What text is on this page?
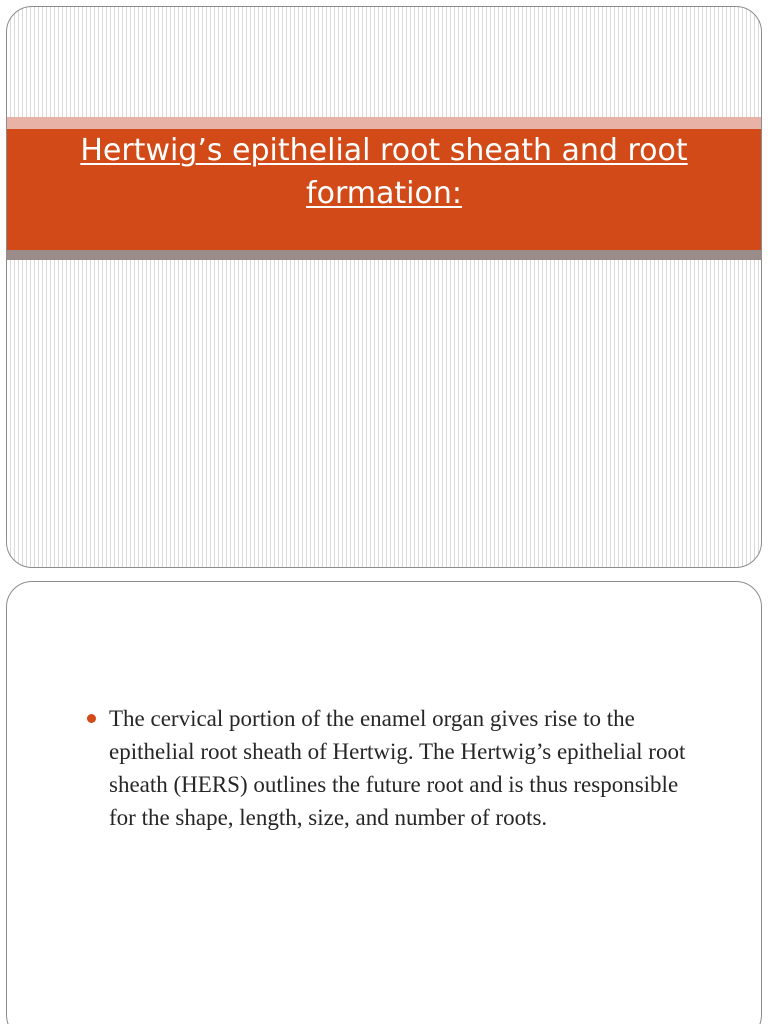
Hertwig’s epithelial root sheath and root formation:
The cervical portion of the enamel organ gives rise to the epithelial root sheath of Hertwig. The Hertwig’s epithelial root sheath (HERS) outlines the future root and is thus responsible for the shape, length, size, and number of roots.
